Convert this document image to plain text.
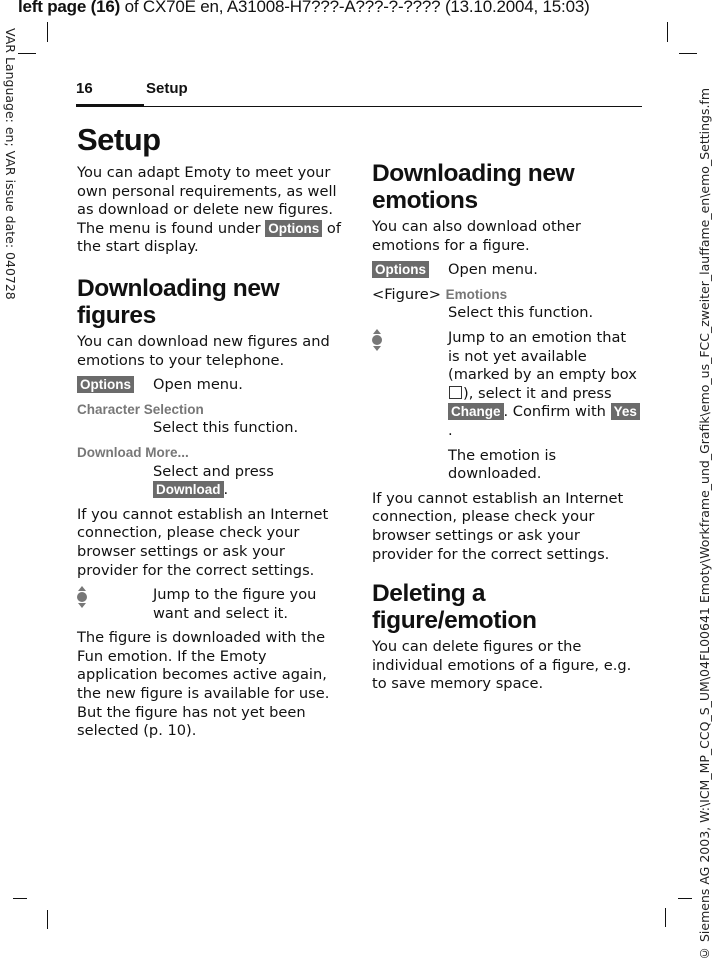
left page (16) of CX70E en, A31008-H7???-A???-?-???? (13.10.2004, 15:03)
VAR Language: en; VAR issue date: 040728	© Siemens AG 2003, W:\ICM_MP_CCQ_S_UM\04FL00641 Emoty\Workframe_und_Grafik\emo_us_FCC_zweiter_lauffame_en\emo_Settings.fm
16	Setup
Setup

You can adapt Emoty to meet your own personal requirements, as well as download or delete new figures. The menu is found under Options of the start display.

Downloading new figures

You can download new figures and emotions to your telephone.

Options	Open menu.
Character Selection
Select this function.
Download More...
Select and press
Download .

If you cannot establish an Internet connection, please check your browser settings or ask your provider for the correct settings.

Jump to the figure you want and select it.

The figure is downloaded with the Fun emotion. If the Emoty application becomes active again, the new figure is available for use. But the figure has not yet been selected (p. 10).

Downloading new emotions

You can also download other emotions for a figure.

Options	Open menu.
<Figure> Emotions
Select this function.
Jump to an emotion that is not yet available (marked by an empty box ), select it and press Change . Confirm with Yes.
The emotion is downloaded.

If you cannot establish an Internet connection, please check your browser settings or ask your provider for the correct settings.

Deleting a figure/emotion

You can delete figures or the individual emotions of a figure, e.g. to save memory space.
